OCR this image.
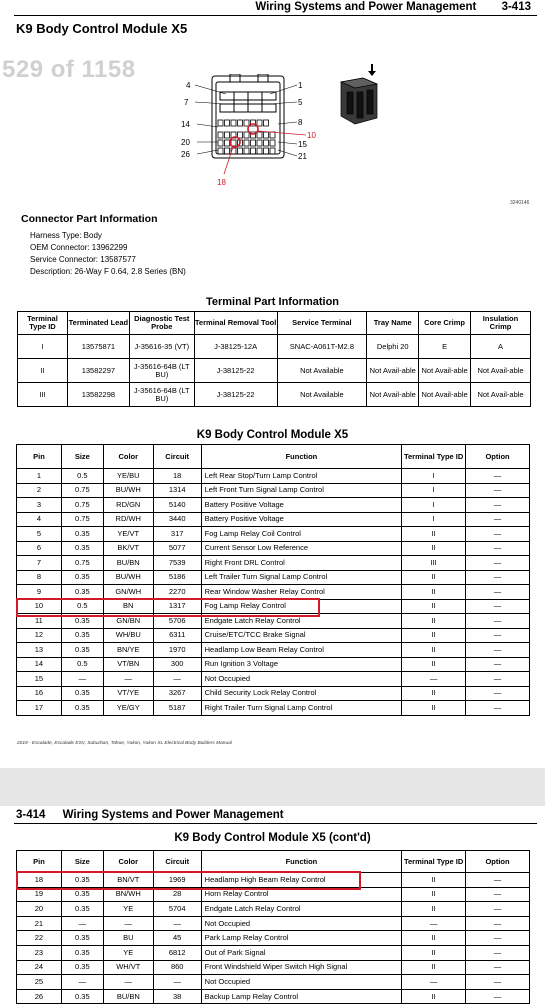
Wiring Systems and Power Management 3-413
K9 Body Control Module X5
529 of 1158
4	1
7	5
14	8
10
20	15
26	21
18
3240146
Connector Part Information
Harness Type: Body
OEM Connector: 13962299
Service Connector: 13587577
Description: 26-Way F 0.64, 2.8 Series (BN)
Terminal Part Information
Terminal Type ID	Terminated Lead	Diagnostic Test Probe	Terminal Removal Tool	Service Terminal	Tray Name	Core Crimp	Insulation Crimp
I	13575871	J-35616-35 (VT)	J-38125-12A	SNAC-A061T-M2.8	Delphi 20	E	A
II	13582297	J-35616-64B (LT BU)	J-38125-22	Not Available	Not Avail-able	Not Avail-able	Not Avail-able
III	13582298	J-35616-64B (LT BU)	J-38125-22	Not Available	Not Avail-able	Not Avail-able	Not Avail-able
K9 Body Control Module X5
Pin	Size	Color	Circuit	Function	Terminal Type ID	Option
1	0.5	YE/BU	18	Left Rear Stop/Turn Lamp Control	I	—
2	0.75	BU/WH	1314	Left Front Turn Signal Lamp Control	I	—
3	0.75	RD/GN	5140	Battery Positive Voltage	I	—
4	0.75	RD/WH	3440	Battery Positive Voltage	I	—
5	0.35	YE/VT	317	Fog Lamp Relay Coil Control	II	—
6	0.35	BK/VT	5077	Current Sensor Low Reference	II	—
7	0.75	BU/BN	7539	Right Front DRL Control	III	—
8	0.35	BU/WH	5186	Left Trailer Turn Signal Lamp Control	II	—
9	0.35	GN/WH	2270	Rear Window Washer Relay Control	II	—
10	0.5	BN	1317	Fog Lamp Relay Control	II	—
11	0.35	GN/BN	5706	Endgate Latch Relay Control	II	—
12	0.35	WH/BU	6311	Cruise/ETC/TCC Brake Signal	II	—
13	0.35	BN/YE	1970	Headlamp Low Beam Relay Control	II	—
14	0.5	VT/BN	300	Run Ignition 3 Voltage	II	—
15	—	—	—	Not Occupied	—	—
16	0.35	VT/YE	3267	Child Security Lock Relay Control	II	—
17	0.35	YE/GY	5187	Right Trailer Turn Signal Lamp Control	II	—
2019 - Escalade, Escalade ESV, Suburban, Tahoe, Yukon, Yukon XL Electrical Body Builders Manual
3-414 Wiring Systems and Power Management
K9 Body Control Module X5 (cont'd)
Pin	Size	Color	Circuit	Function	Terminal Type ID	Option
18	0.35	BN/VT	1969	Headlamp High Beam Relay Control	II	—
19	0.35	BN/WH	28	Horn Relay Control	II	—
20	0.35	YE	5704	Endgate Latch Relay Control	II	—
21	—	—	—	Not Occupied	—	—
22	0.35	BU	45	Park Lamp Relay Control	II	—
23	0.35	YE	6812	Out of Park Signal	II	—
24	0.35	WH/VT	860	Front Windshield Wiper Switch High Signal	II	—
25	—	—	—	Not Occupied	—	—
26	0.35	BU/BN	38	Backup Lamp Relay Control	II	—
